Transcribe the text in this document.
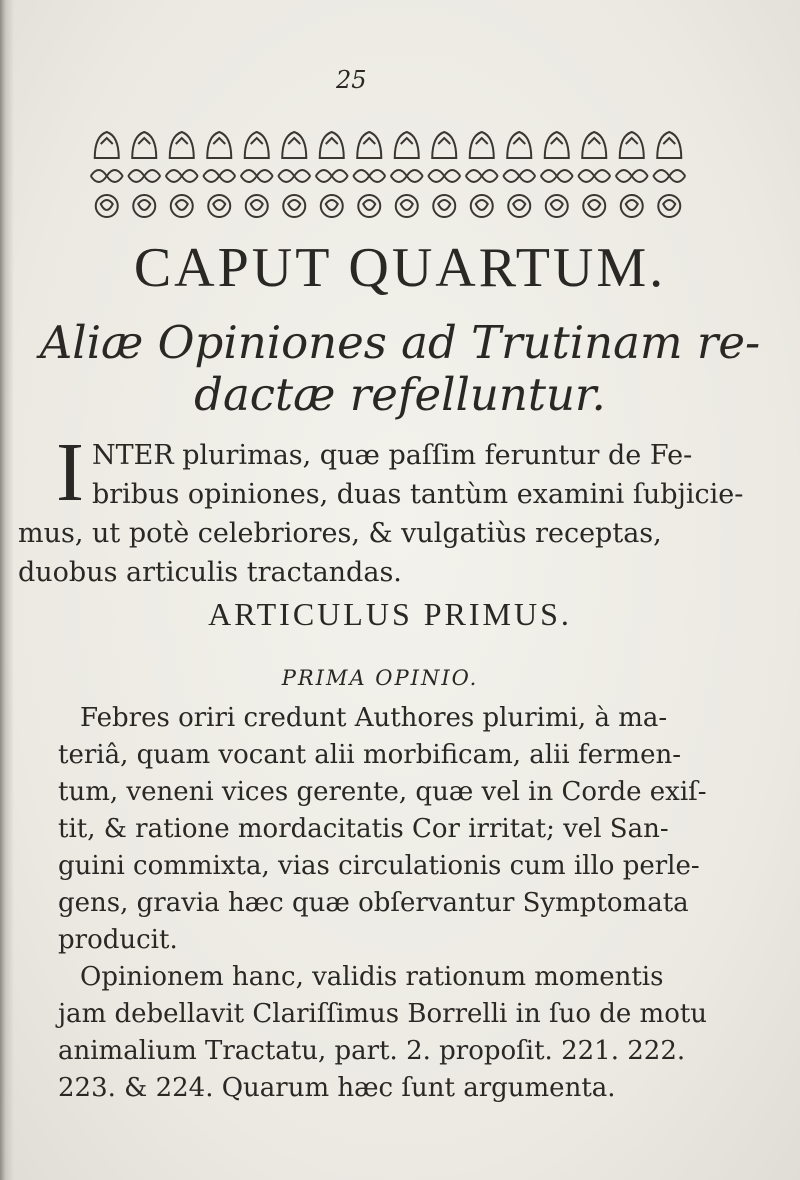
25
CAPUT QUARTUM.
Aliæ Opiniones ad Trutinam re-
dactæ refelluntur.
I NTER plurimas, quæ paſſim feruntur de Fe-
bribus opiniones, duas tantùm examini ſubjicie-
mus, ut potè celebriores, & vulgatiùs receptas,
duobus articulis tractandas.
ARTICULUS PRIMUS.
PRIMA OPINIO.
Febres oriri credunt Authores plurimi, à ma-
teriâ, quam vocant alii morbificam, alii fermen-
tum, veneni vices gerente, quæ vel in Corde exiſ-
tit, & ratione mordacitatis Cor irritat; vel San-
guini commixta, vias circulationis cum illo perle-
gens, gravia hæc quæ obſervantur Symptomata
producit.
Opinionem hanc, validis rationum momentis
jam debellavit Clariſſimus Borrelli in ſuo de motu
animalium Tractatu, part. 2. propoſit. 221. 222.
223. & 224. Quarum hæc ſunt argumenta.
